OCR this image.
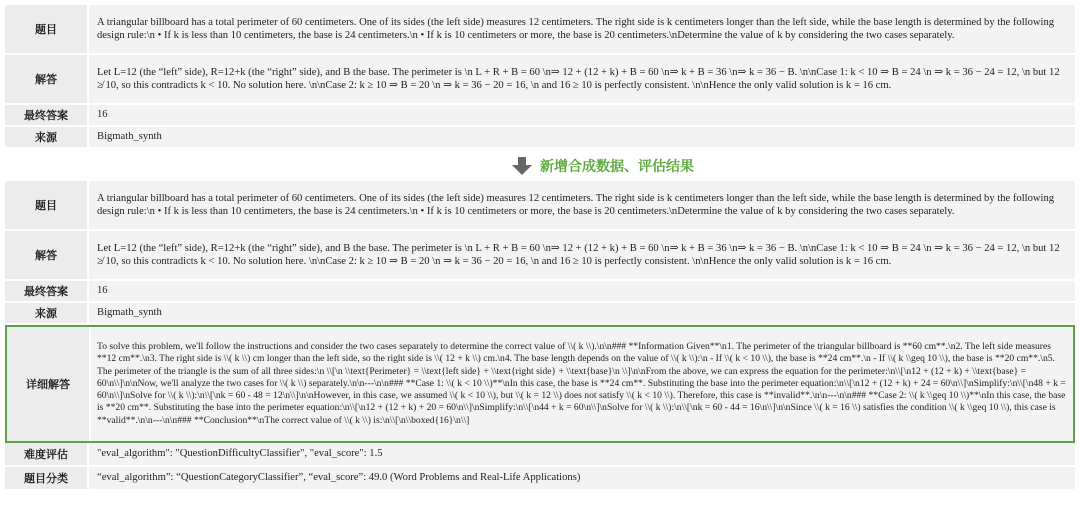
题目
A triangular billboard has a total perimeter of 60 centimeters. One of its sides (the left side) measures 12 centimeters. The right side is k centimeters longer than the left side, while the base length is determined by the following design rule:\n • If k is less than 10 centimeters, the base is 24 centimeters.\n • If k is 10 centimeters or more, the base is 20 centimeters.\nDetermine the value of k by considering the two cases separately.
解答
Let L=12 (the “left” side), R=12+k (the “right” side), and B the base. The perimeter is \n L + R + B = 60 \n⇒ 12 + (12 + k) + B = 60 \n⇒ k + B = 36 \n⇒ k = 36 − B. \n\nCase 1: k < 10 ⇒ B = 24 \n ⇒ k = 36 − 24 = 12, \n but 12 ≱ 10, so this contradicts k < 10. No solution here. \n\nCase 2: k ≥ 10 ⇒ B = 20 \n ⇒ k = 36 − 20 = 16, \n and 16 ≥ 10 is perfectly consistent. \n\nHence the only valid solution is k = 16 cm.
最终答案	16
来源	Bigmath_synth
新增合成数据、评估结果
题目
A triangular billboard has a total perimeter of 60 centimeters. One of its sides (the left side) measures 12 centimeters. The right side is k centimeters longer than the left side, while the base length is determined by the following design rule:\n • If k is less than 10 centimeters, the base is 24 centimeters.\n • If k is 10 centimeters or more, the base is 20 centimeters.\nDetermine the value of k by considering the two cases separately.
解答
Let L=12 (the “left” side), R=12+k (the “right” side), and B the base. The perimeter is \n L + R + B = 60 \n⇒ 12 + (12 + k) + B = 60 \n⇒ k + B = 36 \n⇒ k = 36 − B. \n\nCase 1: k < 10 ⇒ B = 24 \n ⇒ k = 36 − 24 = 12, \n but 12 ≱ 10, so this contradicts k < 10. No solution here. \n\nCase 2: k ≥ 10 ⇒ B = 20 \n ⇒ k = 36 − 20 = 16, \n and 16 ≥ 10 is perfectly consistent. \n\nHence the only valid solution is k = 16 cm.
最终答案	16
来源	Bigmath_synth
详细解答
To solve this problem, we'll follow the instructions and consider the two cases separately to determine the correct value of \\( k \\).\n\n### **Information Given**\n1. The perimeter of the triangular billboard is **60 cm**.\n2. The left side measures **12 cm**.\n3. The right side is \\( k \\) cm longer than the left side, so the right side is \\( 12 + k \\) cm.\n4. The base length depends on the value of \\( k \\):\n - If \\( k < 10 \\), the base is **24 cm**.\n - If \\( k \\geq 10 \\), the base is **20 cm**.\n5. The perimeter of the triangle is the sum of all three sides:\n \\[\n \\text{Perimeter} = \\text{left side} + \\text{right side} + \\text{base}\n \\]\n\nFrom the above, we can express the equation for the perimeter:\n\\[\n12 + (12 + k) + \\text{base} = 60\n\\]\n\nNow, we'll analyze the two cases for \\( k \\) separately.\n\n---\n\n### **Case 1: \\( k < 10 \\)**\nIn this case, the base is **24 cm**. Substituting the base into the perimeter equation:\n\\[\n12 + (12 + k) + 24 = 60\n\\]\nSimplify:\n\\[\n48 + k = 60\n\\]\nSolve for \\( k \\):\n\\[\nk = 60 - 48 = 12\n\\]\n\nHowever, in this case, we assumed \\( k < 10 \\), but \\( k = 12 \\) does not satisfy \\( k < 10 \\). Therefore, this case is **invalid**.\n\n---\n\n### **Case 2: \\( k \\geq 10 \\)**\nIn this case, the base is **20 cm**. Substituting the base into the perimeter equation:\n\\[\n12 + (12 + k) + 20 = 60\n\\]\nSimplify:\n\\[\n44 + k = 60\n\\]\nSolve for \\( k \\):\n\\[\nk = 60 - 44 = 16\n\\]\n\nSince \\( k = 16 \\) satisfies the condition \\( k \\geq 10 \\), this case is **valid**.\n\n---\n\n### **Conclusion**\nThe correct value of \\( k \\) is:\n\\[\n\\boxed{16}\n\\]
难度评估	"eval_algorithm": "QuestionDifficultyClassifier", "eval_score": 1.5
题目分类	“eval_algorithm”: “QuestionCategoryClassifier”, “eval_score”: 49.0 (Word Problems and Real-Life Applications)
